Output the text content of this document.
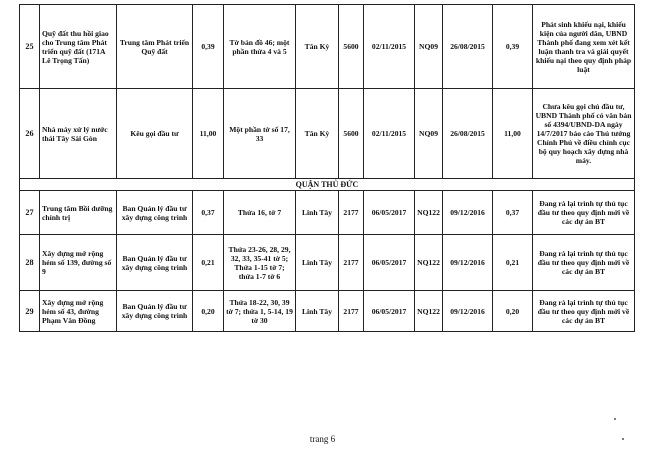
25	Quỹ đất thu hồi giao cho Trung tâm Phát triển quỹ đất (171A Lê Trọng Tấn)	Trung tâm Phát triển Quỹ đất	0,39	Tờ bản đồ 46; một phần thửa 4 và 5	Tân Kỳ	5600	02/11/2015	NQ09	26/08/2015	0,39	Phát sinh khiếu nại, khiếu kiện của người dân, UBND Thành phố đang xem xét kết luận thanh tra và giải quyết khiếu nại theo quy định pháp luật
26	Nhà máy xử lý nước thải Tây Sài Gòn	Kêu gọi đầu tư	11,00	Một phần tờ số 17, 33	Tân Kỳ	5600	02/11/2015	NQ09	26/08/2015	11,00	Chưa kêu gọi chủ đầu tư, UBND Thành phố có văn bản số 4394/UBND-DA ngày 14/7/2017 báo cáo Thủ tướng Chính Phủ về điều chỉnh cục bộ quy hoạch xây dựng nhà máy.
QUẬN THỦ ĐỨC											
27	Trung tâm Bồi dưỡng chính trị	Ban Quản lý đầu tư xây dựng công trình	0,37	Thửa 16, tờ 7	Linh Tây	2177	06/05/2017	NQ122	09/12/2016	0,37	Đang rà lại trình tự thủ tục đầu tư theo quy định mới về các dự án BT
28	Xây dựng mở rộng hẻm số 139, đường số 9	Ban Quản lý đầu tư xây dựng công trình	0,21	Thửa 23-26, 28, 29, 32, 33, 35-41 tờ 5; Thửa 1-15 tờ 7; thửa 1-7 tờ 6	Linh Tây	2177	06/05/2017	NQ122	09/12/2016	0,21	Đang rà lại trình tự thủ tục đầu tư theo quy định mới về các dự án BT
29	Xây dựng mở rộng hẻm số 43, đường Phạm Văn Đồng	Ban Quản lý đầu tư xây dựng công trình	0,20	Thửa 18-22, 30, 39 tờ 7; thửa 1, 5-14, 19 tờ 30	Linh Tây	2177	06/05/2017	NQ122	09/12/2016	0,20	Đang rà lại trình tự thủ tục đầu tư theo quy định mới về các dự án BT
trang 6
